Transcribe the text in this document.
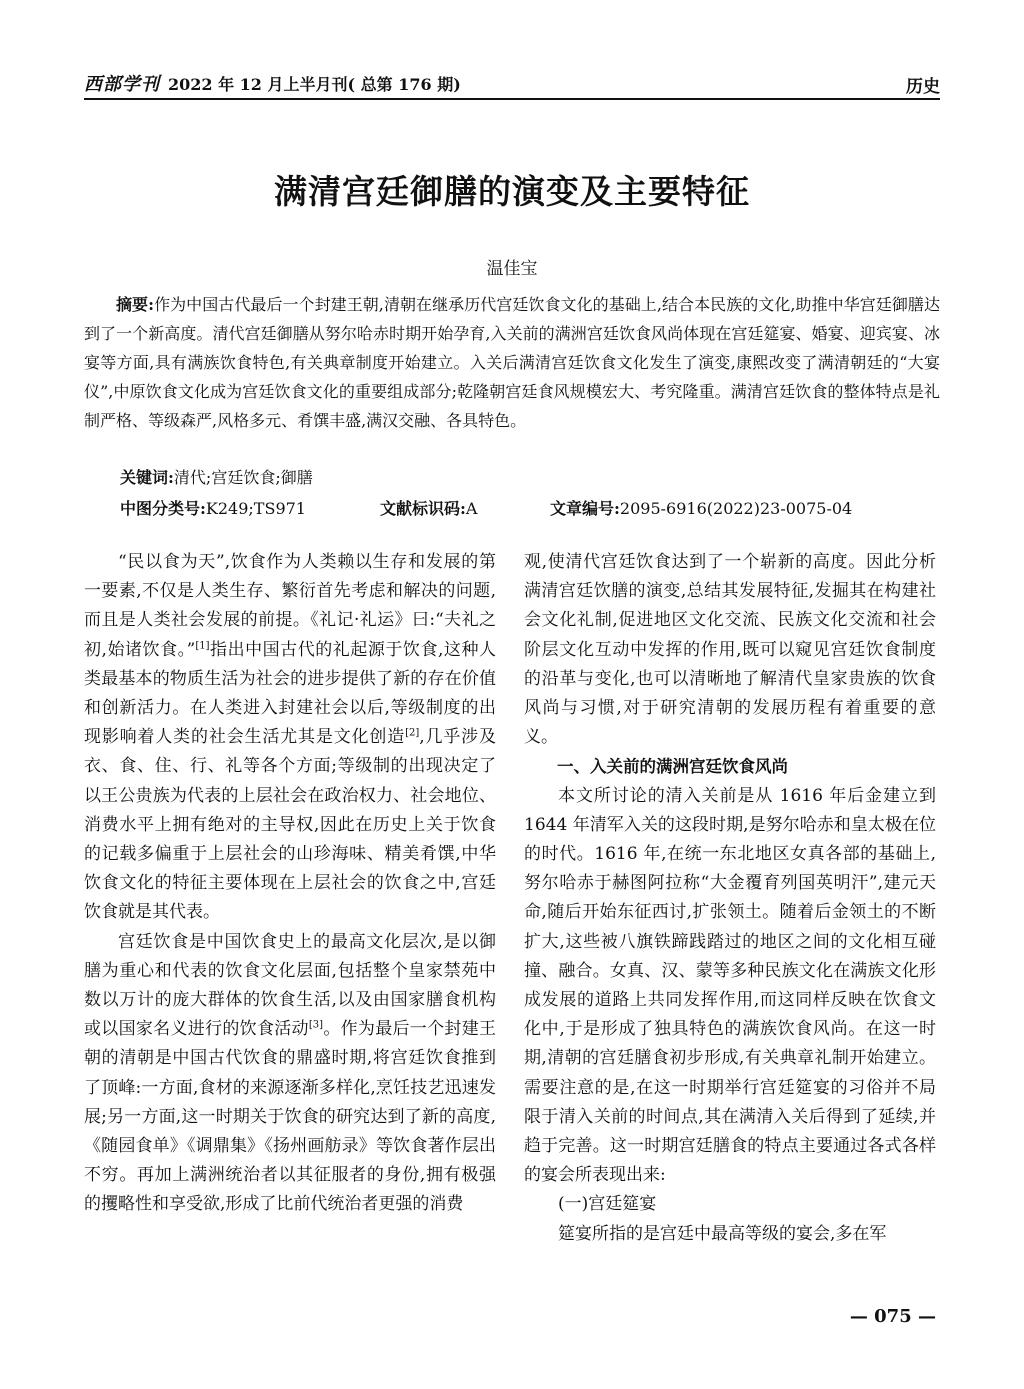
西部学刊 2022 年 12 月上半月刊( 总第 176 期)	历史
满清宫廷御膳的演变及主要特征
温佳宝
摘要:作为中国古代最后一个封建王朝,清朝在继承历代宫廷饮食文化的基础上,结合本民族的文化,助推中华宫廷御膳达到了一个新高度。清代宫廷御膳从努尔哈赤时期开始孕育,入关前的满洲宫廷饮食风尚体现在宫廷筵宴、婚宴、迎宾宴、冰宴等方面,具有满族饮食特色,有关典章制度开始建立。入关后满清宫廷饮食文化发生了演变,康熙改变了满清朝廷的“大宴仪”,中原饮食文化成为宫廷饮食文化的重要组成部分;乾隆朝宫廷食风规模宏大、考究隆重。满清宫廷饮食的整体特点是礼制严格、等级森严,风格多元、肴馔丰盛,满汉交融、各具特色。
关键词:清代;宫廷饮食;御膳
中图分类号:K249;TS971	文献标识码:A	文章编号:2095-6916(2022)23-0075-04

“民以食为天”,饮食作为人类赖以生存和发展的第一要素,不仅是人类生存、繁衍首先考虑和解决的问题,而且是人类社会发展的前提。《礼记·礼运》曰:“夫礼之初,始诸饮食。”[1]指出中国古代的礼起源于饮食,这种人类最基本的物质生活为社会的进步提供了新的存在价值和创新活力。在人类进入封建社会以后,等级制度的出现影响着人类的社会生活尤其是文化创造[2],几乎涉及衣、食、住、行、礼等各个方面;等级制的出现决定了以王公贵族为代表的上层社会在政治权力、社会地位、消费水平上拥有绝对的主导权,因此在历史上关于饮食的记载多偏重于上层社会的山珍海味、精美肴馔,中华饮食文化的特征主要体现在上层社会的饮食之中,宫廷饮食就是其代表。

宫廷饮食是中国饮食史上的最高文化层次,是以御膳为重心和代表的饮食文化层面,包括整个皇家禁苑中数以万计的庞大群体的饮食生活,以及由国家膳食机构或以国家名义进行的饮食活动[3]。作为最后一个封建王朝的清朝是中国古代饮食的鼎盛时期,将宫廷饮食推到了顶峰:一方面,食材的来源逐渐多样化,烹饪技艺迅速发展;另一方面,这一时期关于饮食的研究达到了新的高度,《随园食单》《调鼎集》《扬州画舫录》等饮食著作层出不穷。再加上满洲统治者以其征服者的身份,拥有极强的攫略性和享受欲,形成了比前代统治者更强的消费

观,使清代宫廷饮食达到了一个崭新的高度。因此分析满清宫廷饮膳的演变,总结其发展特征,发掘其在构建社会文化礼制,促进地区文化交流、民族文化交流和社会阶层文化互动中发挥的作用,既可以窥见宫廷饮食制度的沿革与变化,也可以清晰地了解清代皇家贵族的饮食风尚与习惯,对于研究清朝的发展历程有着重要的意义。

一、入关前的满洲宫廷饮食风尚

本文所讨论的清入关前是从 1616 年后金建立到 1644 年清军入关的这段时期,是努尔哈赤和皇太极在位的时代。1616 年,在统一东北地区女真各部的基础上,努尔哈赤于赫图阿拉称“大金覆育列国英明汗”,建元天命,随后开始东征西讨,扩张领土。随着后金领土的不断扩大,这些被八旗铁蹄践踏过的地区之间的文化相互碰撞、融合。女真、汉、蒙等多种民族文化在满族文化形成发展的道路上共同发挥作用,而这同样反映在饮食文化中,于是形成了独具特色的满族饮食风尚。在这一时期,清朝的宫廷膳食初步形成,有关典章礼制开始建立。需要注意的是,在这一时期举行宫廷筵宴的习俗并不局限于清入关前的时间点,其在满清入关后得到了延续,并趋于完善。这一时期宫廷膳食的特点主要通过各式各样的宴会所表现出来:

(一)宫廷筵宴

筵宴所指的是宫廷中最高等级的宴会,多在军

— 075 —
